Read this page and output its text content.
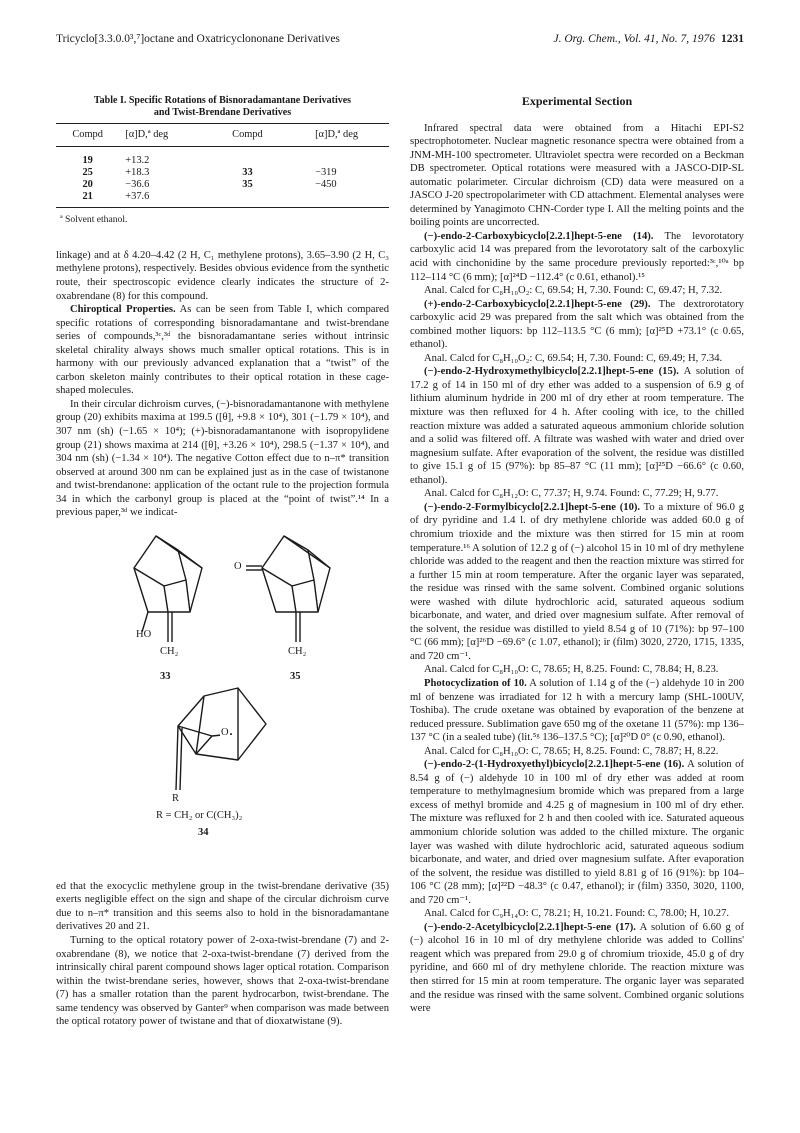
Tricyclo[3.3.0.0³,⁷]octane and Oxatricyclononane Derivatives	J. Org. Chem., Vol. 41, No. 7, 1976 1231
Table I. Specific Rotations of Bisnoradamantane Derivatives
and Twist-Brendane Derivatives
Compd	[α]D,ª deg	Compd	[α]D,ª deg
19	+13.2		
25	+18.3	33	−319
20	−36.6	35	−450
21	+37.6		
ª Solvent ethanol.

linkage) and at δ 4.20–4.42 (2 H, C₁ methylene protons), 3.65–3.90 (2 H, C₃ methylene protons), respectively. Besides obvious evidence from the synthetic route, their spectroscopic evidence clearly indicates the structure of 2-oxabrendane (8) for this compound.

Chiroptical Properties. As can be seen from Table I, which compared specific rotations of corresponding bisnoradamantane and twist-brendane series of compounds,³ᶜ,³ᵈ the bisnoradamantane series without intrinsic skeletal chirality always shows much smaller optical rotations. This is in harmony with our previously advanced explanation that a “twist” of the carbon skeleton mainly contributes to their optical rotation in these cage-shaped molecules.

In their circular dichroism curves, (−)-bisnoradamantanone with methylene group (20) exhibits maxima at 199.5 ([θ], +9.8 × 10⁴), 301 (−1.79 × 10⁴), and 307 nm (sh) (−1.65 × 10⁴); (+)-bisnoradamantanone with isopropylidene group (21) shows maxima at 214 ([θ], +3.26 × 10⁴), 298.5 (−1.37 × 10⁴), and 304 nm (sh) (−1.34 × 10⁴). The negative Cotton effect due to n–π* transition observed at around 300 nm can be explained just as in the case of twistanone and twist-brendanone: application of the octant rule to the projection formula 34 in which the carbonyl group is placed at the “point of twist”.¹⁴ In a previous paper,³ᵈ we indicat-

HO
CH₂
O
CH₂
33	35
O
R
R = CH₂ or C(CH₃)₂
34

ed that the exocyclic methylene group in the twist-brendane derivative (35) exerts negligible effect on the sign and shape of the circular dichroism curve due to n–π* transition and this seems also to hold in the bisnoradamantane derivatives 20 and 21.

Turning to the optical rotatory power of 2-oxa-twist-brendane (7) and 2-oxabrendane (8), we notice that 2-oxa-twist-brendane (7) derived from the intrinsically chiral parent compound shows lager optical rotation. Comparison within the twist-brendane series, however, shows that 2-oxa-twist-brendane (7) has a smaller rotation than the parent hydrocarbon, twist-brendane. The same tendency was observed by Ganter⁹ when comparison was made between the optical rotatory power of twistane and that of dioxatwistane (9).

Experimental Section

Infrared spectral data were obtained from a Hitachi EPI-S2 spectrophotometer. Nuclear magnetic resonance spectra were obtained from a JNM-MH-100 spectrometer. Ultraviolet spectra were recorded on a Beckman DB spectrometer. Optical rotations were measured with a JASCO-DIP-SL automatic polarimeter. Circular dichroism (CD) data were measured on a JASCO J-20 spectropolarimeter with CD attachment. Elemental analyses were determined by Yanagimoto CHN-Corder type I. All the melting points and the boiling points are uncorrected.

(−)-endo-2-Carboxybicyclo[2.2.1]hept-5-ene (14). The levorotatory carboxylic acid 14 was prepared from the levorotatory salt of the carboxylic acid with cinchonidine by the same procedure previously reported:³ᶜ,¹⁰ᵃ bp 112–114 °C (6 mm); [α]²⁴D −112.4° (c 0.61, ethanol).¹⁵

Anal. Calcd for C₈H₁₀O₂: C, 69.54; H, 7.30. Found: C, 69.47; H, 7.32.

(+)-endo-2-Carboxybicyclo[2.2.1]hept-5-ene (29). The dextrorotatory carboxylic acid 29 was prepared from the salt which was obtained from the combined mother liquors: bp 112–113.5 °C (6 mm); [α]²⁵D +73.1° (c 0.65, ethanol).

Anal. Calcd for C₈H₁₀O₂: C, 69.54; H, 7.30. Found: C, 69.49; H, 7.34.

(−)-endo-2-Hydroxymethylbicyclo[2.2.1]hept-5-ene (15). A solution of 17.2 g of 14 in 150 ml of dry ether was added to a suspension of 6.9 g of lithium aluminum hydride in 200 ml of dry ether at room temperature. The mixture was then refluxed for 4 h. After cooling with ice, to the chilled reaction mixture was added a saturated aqueous ammonium chloride solution and a solid was filtered off. A filtrate was washed with water and dried over magnesium sulfate. After evaporation of the solvent, the residue was distilled to give 15.1 g of 15 (97%): bp 85–87 °C (11 mm); [α]²⁵D −66.6° (c 0.60, ethanol).

Anal. Calcd for C₈H₁₂O: C, 77.37; H, 9.74. Found: C, 77.29; H, 9.77.

(−)-endo-2-Formylbicyclo[2.2.1]hept-5-ene (10). To a mixture of 96.0 g of dry pyridine and 1.4 l. of dry methylene chloride was added 60.0 g of chromium trioxide and the mixture was then stirred for 15 min at room temperature.¹⁶ A solution of 12.2 g of (−) alcohol 15 in 10 ml of dry methylene chloride was added to the reagent and then the reaction mixture was stirred for a further 15 min at room temperature. After the organic layer was separated, the residue was rinsed with the same solvent. Combined organic solutions were washed with dilute hydrochloric acid, saturated aqueous sodium bicarbonate, and water, and dried over magnesium sulfate. After removal of the solvent, the residue was distilled to yield 8.54 g of 10 (71%): bp 97–100 °C (66 mm); [α]²⁶D −69.6° (c 1.07, ethanol); ir (film) 3020, 2720, 1715, 1335, and 720 cm⁻¹.

Anal. Calcd for C₈H₁₀O: C, 78.65; H, 8.25. Found: C, 78.84; H, 8.23.

Photocyclization of 10. A solution of 1.14 g of the (−) aldehyde 10 in 200 ml of benzene was irradiated for 12 h with a mercury lamp (SHL-100UV, Toshiba). The crude oxetane was obtained by evaporation of the benzene at reduced pressure. Sublimation gave 650 mg of the oxetane 11 (57%): mp 136–137 °C (in a sealed tube) (lit.⁵ᵍ 136–137.5 °C); [α]²⁰D 0° (c 0.90, ethanol).

Anal. Calcd for C₈H₁₀O: C, 78.65; H, 8.25. Found: C, 78.87; H, 8.22.

(−)-endo-2-(1-Hydroxyethyl)bicyclo[2.2.1]hept-5-ene (16). A solution of 8.54 g of (−) aldehyde 10 in 100 ml of dry ether was added at room temperature to methylmagnesium bromide which was prepared from a large excess of methyl bromide and 4.25 g of magnesium in 100 ml of dry ether. The mixture was refluxed for 2 h and then cooled with ice. Saturated aqueous ammonium chloride solution was added to the chilled mixture. The organic layer was washed with dilute hydrochloric acid, saturated aqueous sodium bicarbonate, and water, and dried over magnesium sulfate. After evaporation of the solvent, the residue was distilled to yield 8.81 g of 16 (91%): bp 104–106 °C (28 mm); [α]²²D −48.3° (c 0.47, ethanol); ir (film) 3350, 3020, 1100, and 720 cm⁻¹.

Anal. Calcd for C₉H₁₄O: C, 78.21; H, 10.21. Found: C, 78.00; H, 10.27.

(−)-endo-2-Acetylbicyclo[2.2.1]hept-5-ene (17). A solution of 6.60 g of (−) alcohol 16 in 10 ml of dry methylene chloride was added to Collins' reagent which was prepared from 29.0 g of chromium trioxide, 45.0 g of dry pyridine, and 660 ml of dry methylene chloride. The reaction mixture was then stirred for 15 min at room temperature. The organic layer was separated and the residue was rinsed with the same solvent. Combined organic solutions were
